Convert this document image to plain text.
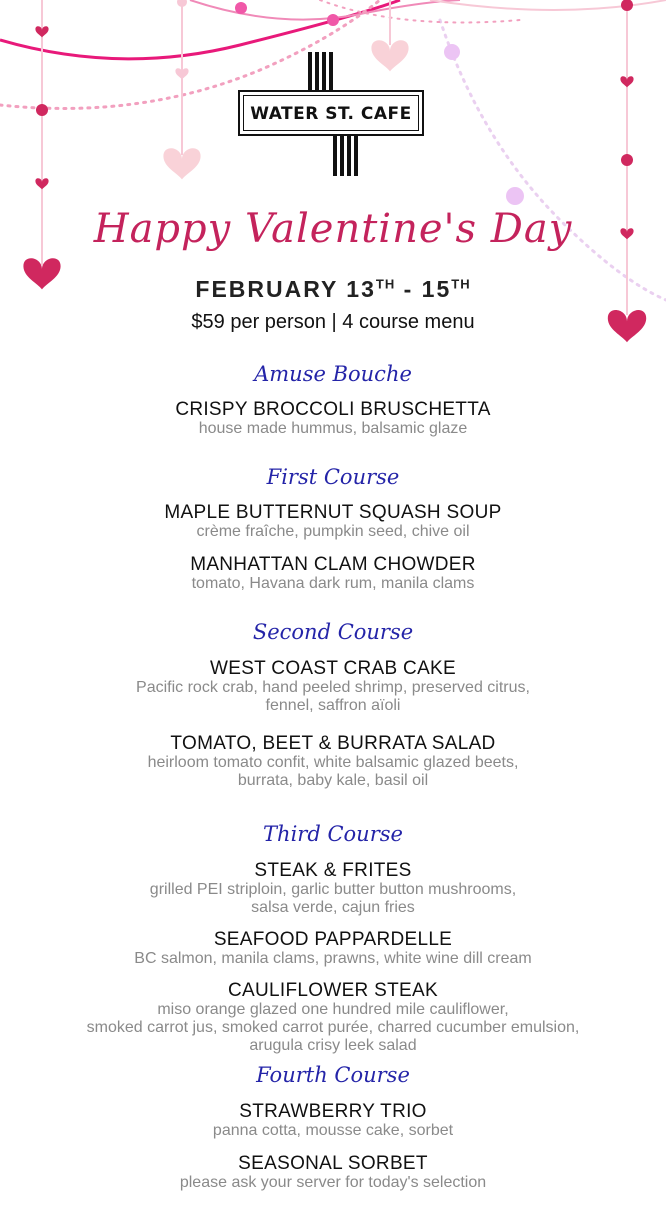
WATER ST. CAFE
Happy Valentine's Day
FEBRUARY 13TH - 15TH
$59 per person | 4 course menu
Amuse Bouche
CRISPY BROCCOLI BRUSCHETTA
house made hummus, balsamic glaze
First Course
MAPLE BUTTERNUT SQUASH SOUP
crème fraîche, pumpkin seed, chive oil
MANHATTAN CLAM CHOWDER
tomato, Havana dark rum, manila clams
Second Course
WEST COAST CRAB CAKE
Pacific rock crab, hand peeled shrimp, preserved citrus,
fennel, saffron aïoli
TOMATO, BEET & BURRATA SALAD
heirloom tomato confit, white balsamic glazed beets,
burrata, baby kale, basil oil
Third Course
STEAK & FRITES
grilled PEI striploin, garlic butter button mushrooms,
salsa verde, cajun fries
SEAFOOD PAPPARDELLE
BC salmon, manila clams, prawns, white wine dill cream
CAULIFLOWER STEAK
miso orange glazed one hundred mile cauliflower,
smoked carrot jus, smoked carrot purée, charred cucumber emulsion,
arugula crisy leek salad
Fourth Course
STRAWBERRY TRIO
panna cotta, mousse cake, sorbet
SEASONAL SORBET
please ask your server for today's selection
